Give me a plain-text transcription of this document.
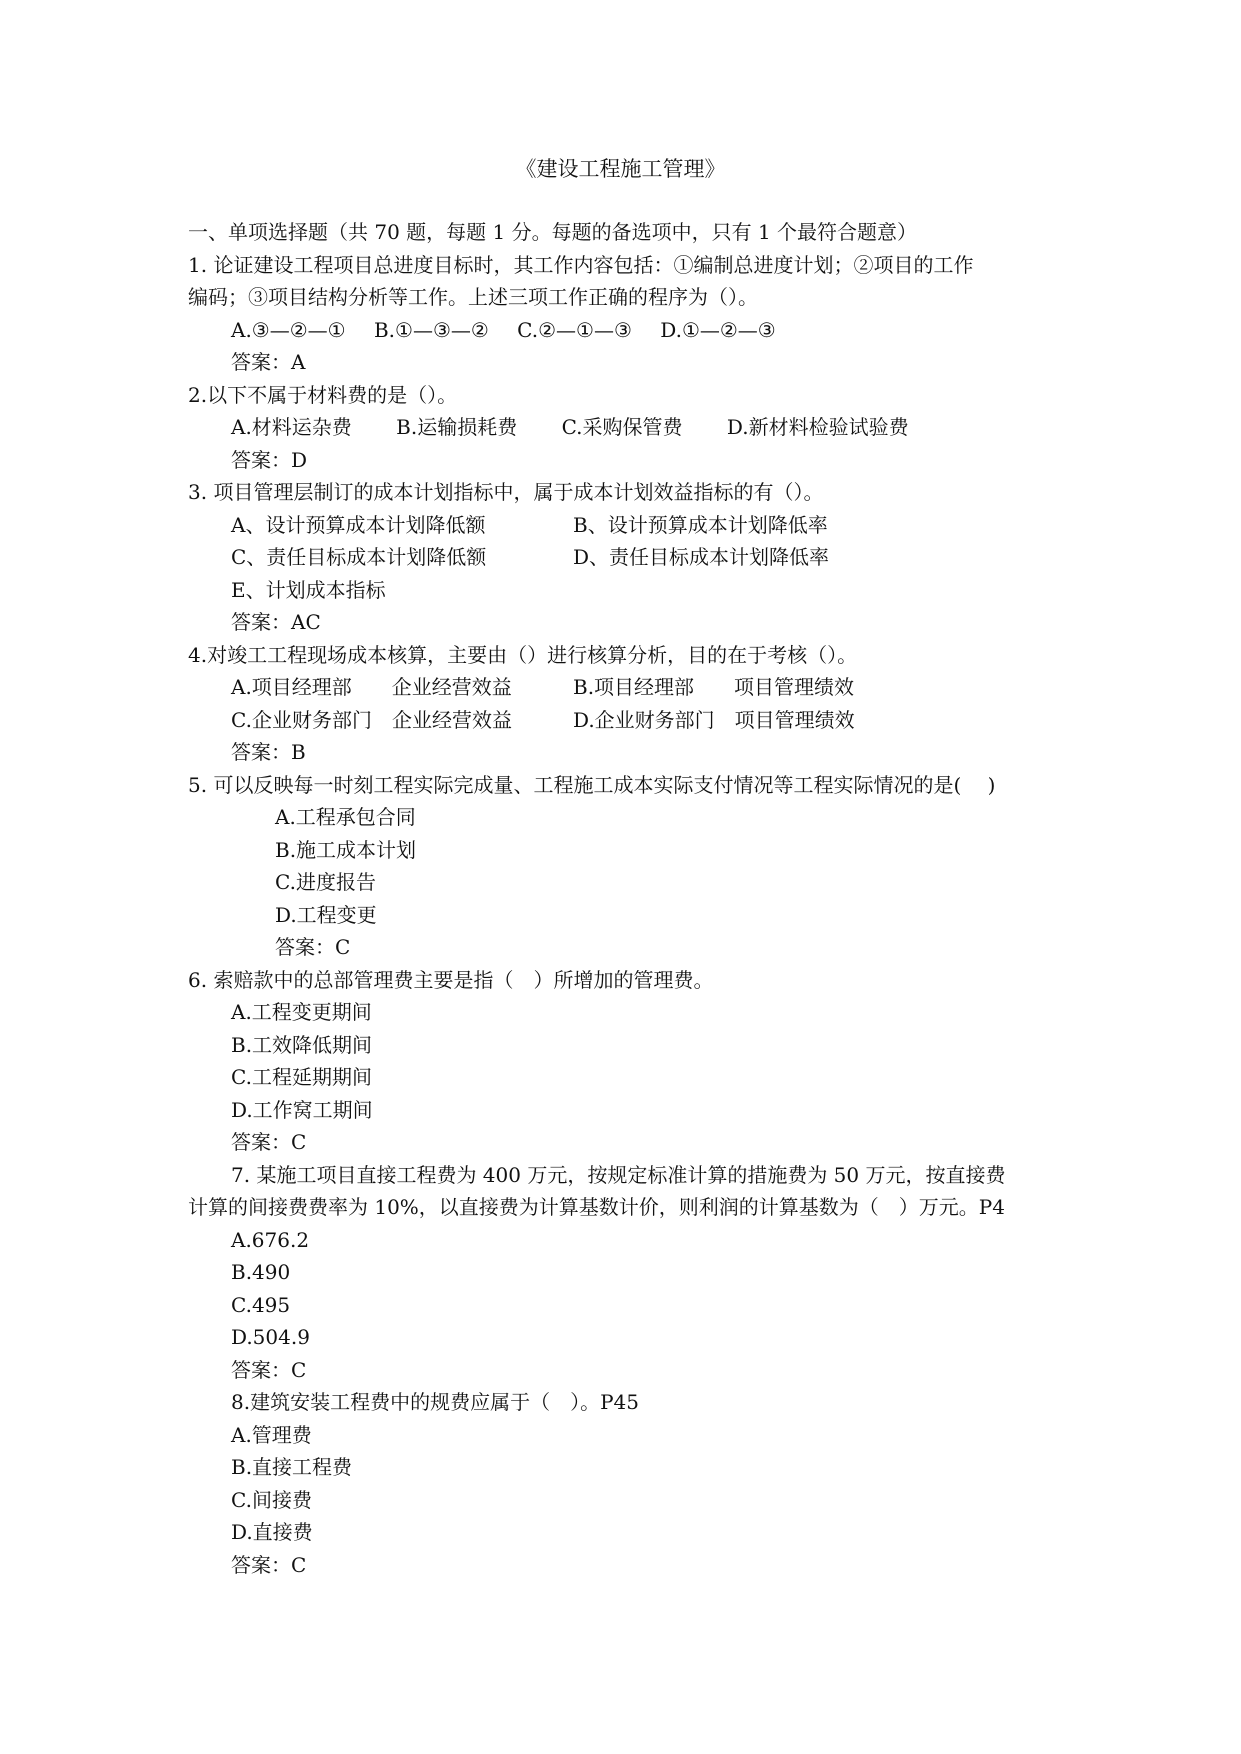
《建设工程施工管理》
一、单项选择题（共 70 题，每题 1 分。每题的备选项中，只有 1 个最符合题意）
1. 论证建设工程项目总进度目标时，其工作内容包括：①编制总进度计划；②项目的工作
编码；③项目结构分析等工作。上述三项工作正确的程序为（）。
A.③—②—① B.①—③—② C.②—①—③ D.①—②—③
答案：A
2.以下不属于材料费的是（）。
A.材料运杂费 B.运输损耗费 C.采购保管费 D.新材料检验试验费
答案：D
3. 项目管理层制订的成本计划指标中，属于成本计划效益指标的有（）。
A、设计预算成本计划降低额	B、设计预算成本计划降低率
C、责任目标成本计划降低额	D、责任目标成本计划降低率
E、计划成本指标
答案：AC
4.对竣工工程现场成本核算，主要由（）进行核算分析，目的在于考核（）。
A.项目经理部　　企业经营效益	B.项目经理部　　项目管理绩效
C.企业财务部门　企业经营效益	D.企业财务部门　项目管理绩效
答案：B
5. 可以反映每一时刻工程实际完成量、工程施工成本实际支付情况等工程实际情况的是(　 )
A.工程承包合同
B.施工成本计划
C.进度报告
D.工程变更
答案：C
6. 索赔款中的总部管理费主要是指（　）所增加的管理费。
A.工程变更期间
B.工效降低期间
C.工程延期期间
D.工作窝工期间
答案：C
7. 某施工项目直接工程费为 400 万元，按规定标准计算的措施费为 50 万元，按直接费
计算的间接费费率为 10%，以直接费为计算基数计价，则利润的计算基数为（　）万元。P4
A.676.2
B.490
C.495
D.504.9
答案：C
8.建筑安装工程费中的规费应属于（　）。P45
A.管理费
B.直接工程费
C.间接费
D.直接费
答案：C
